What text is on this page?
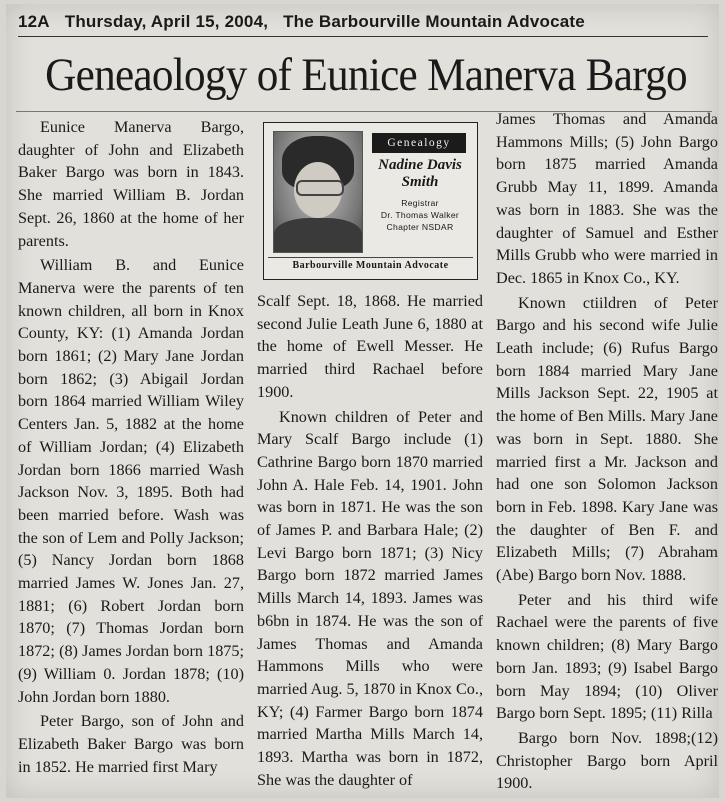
12A Thursday, April 15, 2004, The Barbourville Mountain Advocate
Geneaology of Eunice Manerva Bargo

Eunice Manerva Bargo, daughter of John and Elizabeth Baker Bargo was born in 1843. She married William B. Jordan Sept. 26, 1860 at the home of her parents.

William B. and Eunice Manerva were the parents of ten known children, all born in Knox County, KY: (1) Amanda Jordan born 1861; (2) Mary Jane Jordan born 1862; (3) Abigail Jordan born 1864 married William Wiley Centers Jan. 5, 1882 at the home of William Jordan; (4) Elizabeth Jordan born 1866 married Wash Jackson Nov. 3, 1895. Both had been married before. Wash was the son of Lem and Polly Jackson; (5) Nancy Jordan born 1868 married James W. Jones Jan. 27, 1881; (6) Robert Jordan born 1870; (7) Thomas Jordan born 1872; (8) James Jordan born 1875; (9) William 0. Jordan 1878; (10) John Jordan born 1880.

Peter Bargo, son of John and Elizabeth Baker Bargo was born in 1852. He married first Mary

Genealogy
Nadine Davis Smith
Registrar
Dr. Thomas Walker
Chapter NSDAR
Barbourville Mountain Advocate

Scalf Sept. 18, 1868. He married second Julie Leath June 6, 1880 at the home of Ewell Messer. He married third Rachael before 1900.

Known children of Peter and Mary Scalf Bargo include (1) Cathrine Bargo born 1870 married John A. Hale Feb. 14, 1901. John was born in 1871. He was the son of James P. and Barbara Hale; (2) Levi Bargo born 1871; (3) Nicy Bargo born 1872 married James Mills March 14, 1893. James was b6bn in 1874. He was the son of James Thomas and Amanda Hammons Mills who were married Aug. 5, 1870 in Knox Co., KY; (4) Farmer Bargo born 1874 married Martha Mills March 14, 1893. Martha was born in 1872, She was the daughter of

James Thomas and Amanda Hammons Mills; (5) John Bargo born 1875 married Amanda Grubb May 11, 1899. Amanda was born in 1883. She was the daughter of Samuel and Esther Mills Grubb who were married in Dec. 1865 in Knox Co., KY.

Known ctiildren of Peter Bargo and his second wife Julie Leath include; (6) Rufus Bargo born 1884 married Mary Jane Mills Jackson Sept. 22, 1905 at the home of Ben Mills. Mary Jane was born in Sept. 1880. She married first a Mr. Jackson and had one son Solomon Jackson born in Feb. 1898. Kary Jane was the daughter of Ben F. and Elizabeth Mills; (7) Abraham (Abe) Bargo born Nov. 1888.

Peter and his third wife Rachael were the parents of five known children; (8) Mary Bargo born Jan. 1893; (9) Isabel Bargo born May 1894; (10) Oliver Bargo born Sept. 1895; (11) Rilla

Bargo born Nov. 1898;(12) Christopher Bargo born April 1900.
